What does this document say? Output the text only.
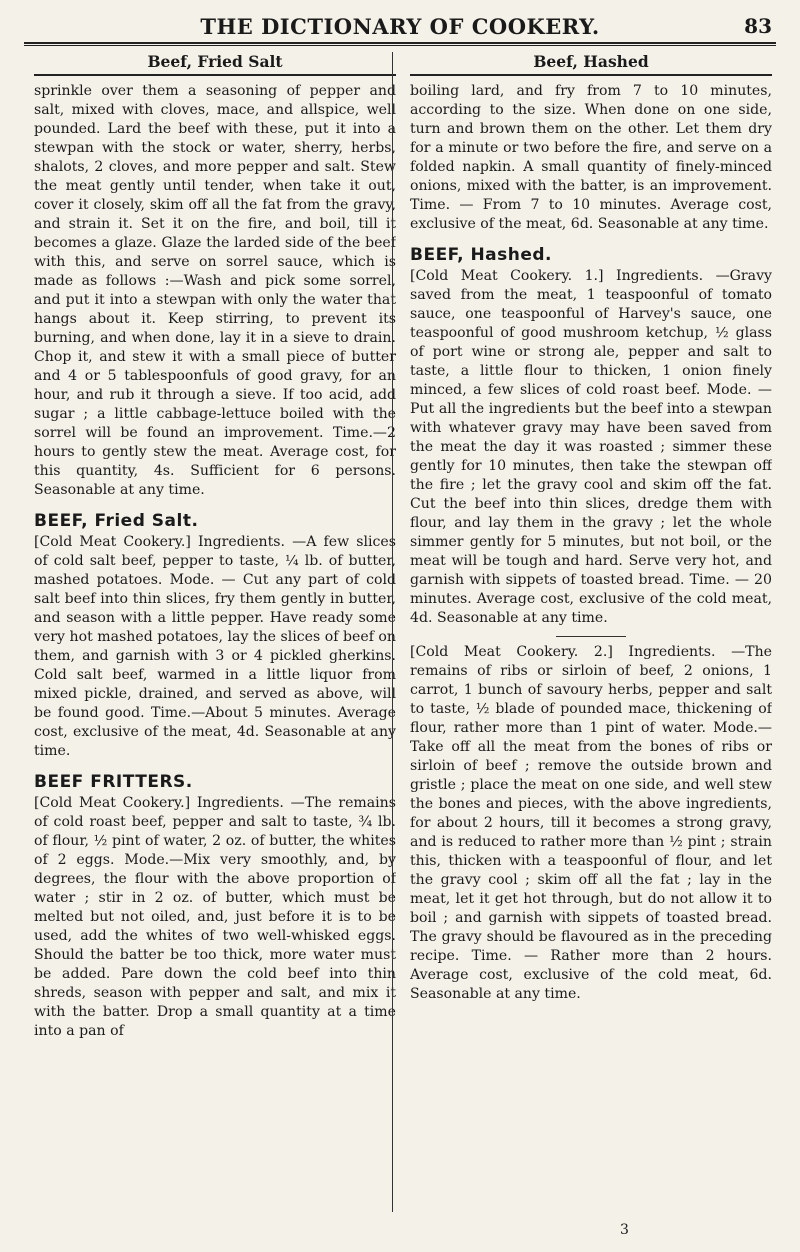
THE DICTIONARY OF COOKERY.	83
Beef, Fried Salt

sprinkle over them a seasoning of pepper and salt, mixed with cloves, mace, and allspice, well pounded. Lard the beef with these, put it into a stewpan with the stock or water, sherry, herbs, shalots, 2 cloves, and more pepper and salt. Stew the meat gently until tender, when take it out, cover it closely, skim off all the fat from the gravy, and strain it. Set it on the fire, and boil, till it becomes a glaze. Glaze the larded side of the beef with this, and serve on sorrel sauce, which is made as follows :—Wash and pick some sorrel, and put it into a stewpan with only the water that hangs about it. Keep stirring, to prevent its burning, and when done, lay it in a sieve to drain. Chop it, and stew it with a small piece of butter and 4 or 5 tablespoonfuls of good gravy, for an hour, and rub it through a sieve. If too acid, add sugar ; a little cabbage-lettuce boiled with the sorrel will be found an improvement. Time.—2 hours to gently stew the meat. Average cost, for this quantity, 4s. Sufficient for 6 persons. Seasonable at any time.

BEEF, Fried Salt.

[Cold Meat Cookery.] Ingredients. —A few slices of cold salt beef, pepper to taste, ¼ lb. of butter, mashed potatoes. Mode. — Cut any part of cold salt beef into thin slices, fry them gently in butter, and season with a little pepper. Have ready some very hot mashed potatoes, lay the slices of beef on them, and garnish with 3 or 4 pickled gherkins. Cold salt beef, warmed in a little liquor from mixed pickle, drained, and served as above, will be found good. Time.—About 5 minutes. Average cost, exclusive of the meat, 4d. Seasonable at any time.

BEEF FRITTERS.

[Cold Meat Cookery.] Ingredients. —The remains of cold roast beef, pepper and salt to taste, ¾ lb. of flour, ½ pint of water, 2 oz. of butter, the whites of 2 eggs. Mode.—Mix very smoothly, and, by degrees, the flour with the above proportion of water ; stir in 2 oz. of butter, which must be melted but not oiled, and, just before it is to be used, add the whites of two well-whisked eggs. Should the batter be too thick, more water must be added. Pare down the cold beef into thin shreds, season with pepper and salt, and mix it with the batter. Drop a small quantity at a time into a pan of

Beef, Hashed

boiling lard, and fry from 7 to 10 minutes, according to the size. When done on one side, turn and brown them on the other. Let them dry for a minute or two before the fire, and serve on a folded napkin. A small quantity of finely-minced onions, mixed with the batter, is an improvement. Time. — From 7 to 10 minutes. Average cost, exclusive of the meat, 6d. Seasonable at any time.

BEEF, Hashed.

[Cold Meat Cookery. 1.] Ingredients. —Gravy saved from the meat, 1 teaspoonful of tomato sauce, one teaspoonful of Harvey's sauce, one teaspoonful of good mushroom ketchup, ½ glass of port wine or strong ale, pepper and salt to taste, a little flour to thicken, 1 onion finely minced, a few slices of cold roast beef. Mode. — Put all the ingredients but the beef into a stewpan with whatever gravy may have been saved from the meat the day it was roasted ; simmer these gently for 10 minutes, then take the stewpan off the fire ; let the gravy cool and skim off the fat. Cut the beef into thin slices, dredge them with flour, and lay them in the gravy ; let the whole simmer gently for 5 minutes, but not boil, or the meat will be tough and hard. Serve very hot, and garnish with sippets of toasted bread. Time. — 20 minutes. Average cost, exclusive of the cold meat, 4d. Seasonable at any time.

[Cold Meat Cookery. 2.] Ingredients. —The remains of ribs or sirloin of beef, 2 onions, 1 carrot, 1 bunch of savoury herbs, pepper and salt to taste, ½ blade of pounded mace, thickening of flour, rather more than 1 pint of water. Mode.—Take off all the meat from the bones of ribs or sirloin of beef ; remove the outside brown and gristle ; place the meat on one side, and well stew the bones and pieces, with the above ingredients, for about 2 hours, till it becomes a strong gravy, and is reduced to rather more than ½ pint ; strain this, thicken with a teaspoonful of flour, and let the gravy cool ; skim off all the fat ; lay in the meat, let it get hot through, but do not allow it to boil ; and garnish with sippets of toasted bread. The gravy should be flavoured as in the preceding recipe. Time. — Rather more than 2 hours. Average cost, exclusive of the cold meat, 6d. Seasonable at any time.

3
